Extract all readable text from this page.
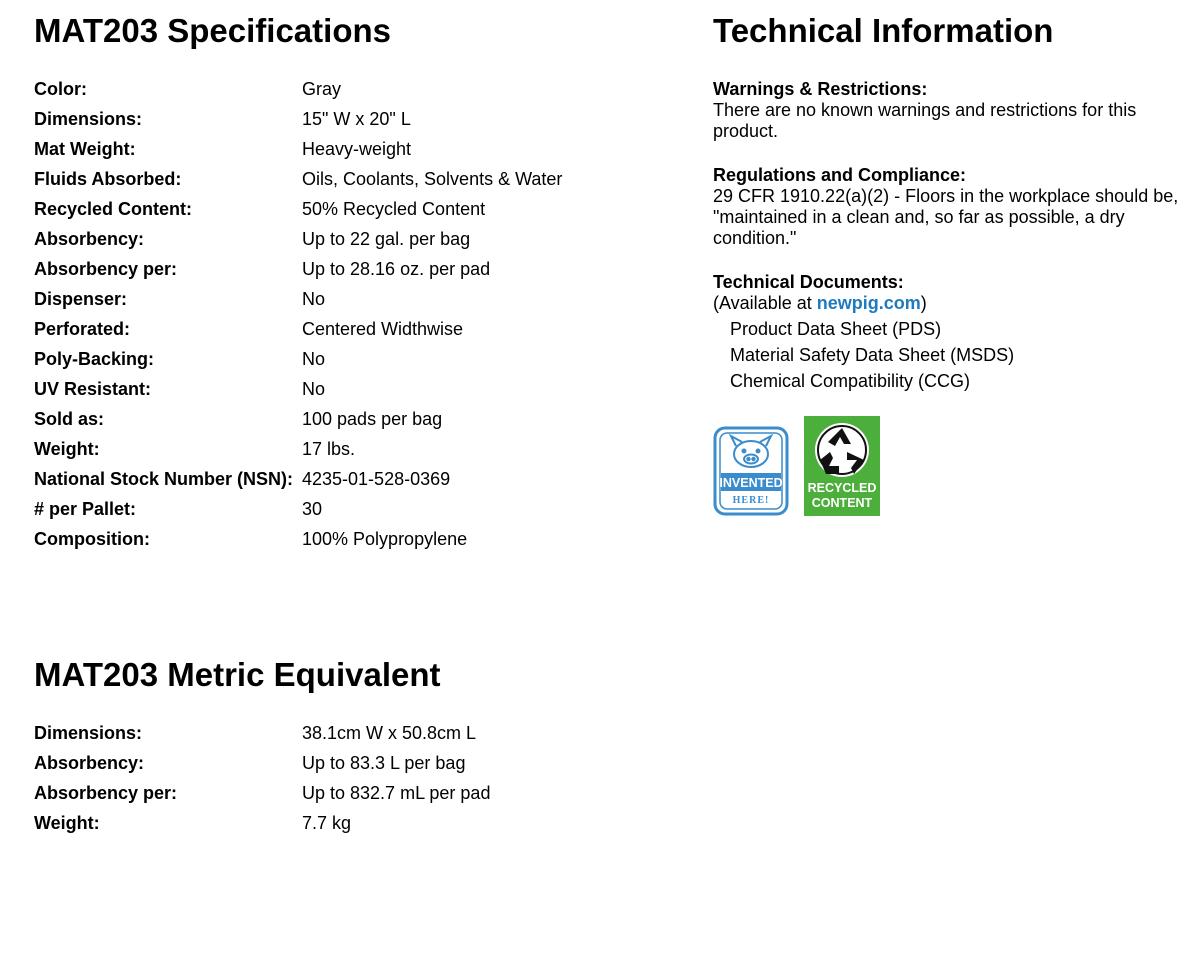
MAT203 Specifications
Color:	Gray
Dimensions:	15" W x 20" L
Mat Weight:	Heavy-weight
Fluids Absorbed:	Oils, Coolants, Solvents & Water
Recycled Content:	50% Recycled Content
Absorbency:	Up to 22 gal. per bag
Absorbency per:	Up to 28.16 oz. per pad
Dispenser:	No
Perforated:	Centered Widthwise
Poly-Backing:	No
UV Resistant:	No
Sold as:	100 pads per bag
Weight:	17 lbs.
National Stock Number (NSN):	4235-01-528-0369
# per Pallet:	30
Composition:	100% Polypropylene
MAT203 Metric Equivalent
Dimensions:	38.1cm W x 50.8cm L
Absorbency:	Up to 83.3 L per bag
Absorbency per:	Up to 832.7 mL per pad
Weight:	7.7 kg
Technical Information
Warnings & Restrictions:
There are no known warnings and restrictions for this product.
Regulations and Compliance:
29 CFR 1910.22(a)(2) - Floors in the workplace should be, "maintained in a clean and, so far as possible, a dry condition."
Technical Documents:
(Available at newpig.com)
Product Data Sheet (PDS)
Material Safety Data Sheet (MSDS)
Chemical Compatibility (CCG)
INVENTED
HERE!
RECYCLED
CONTENT
